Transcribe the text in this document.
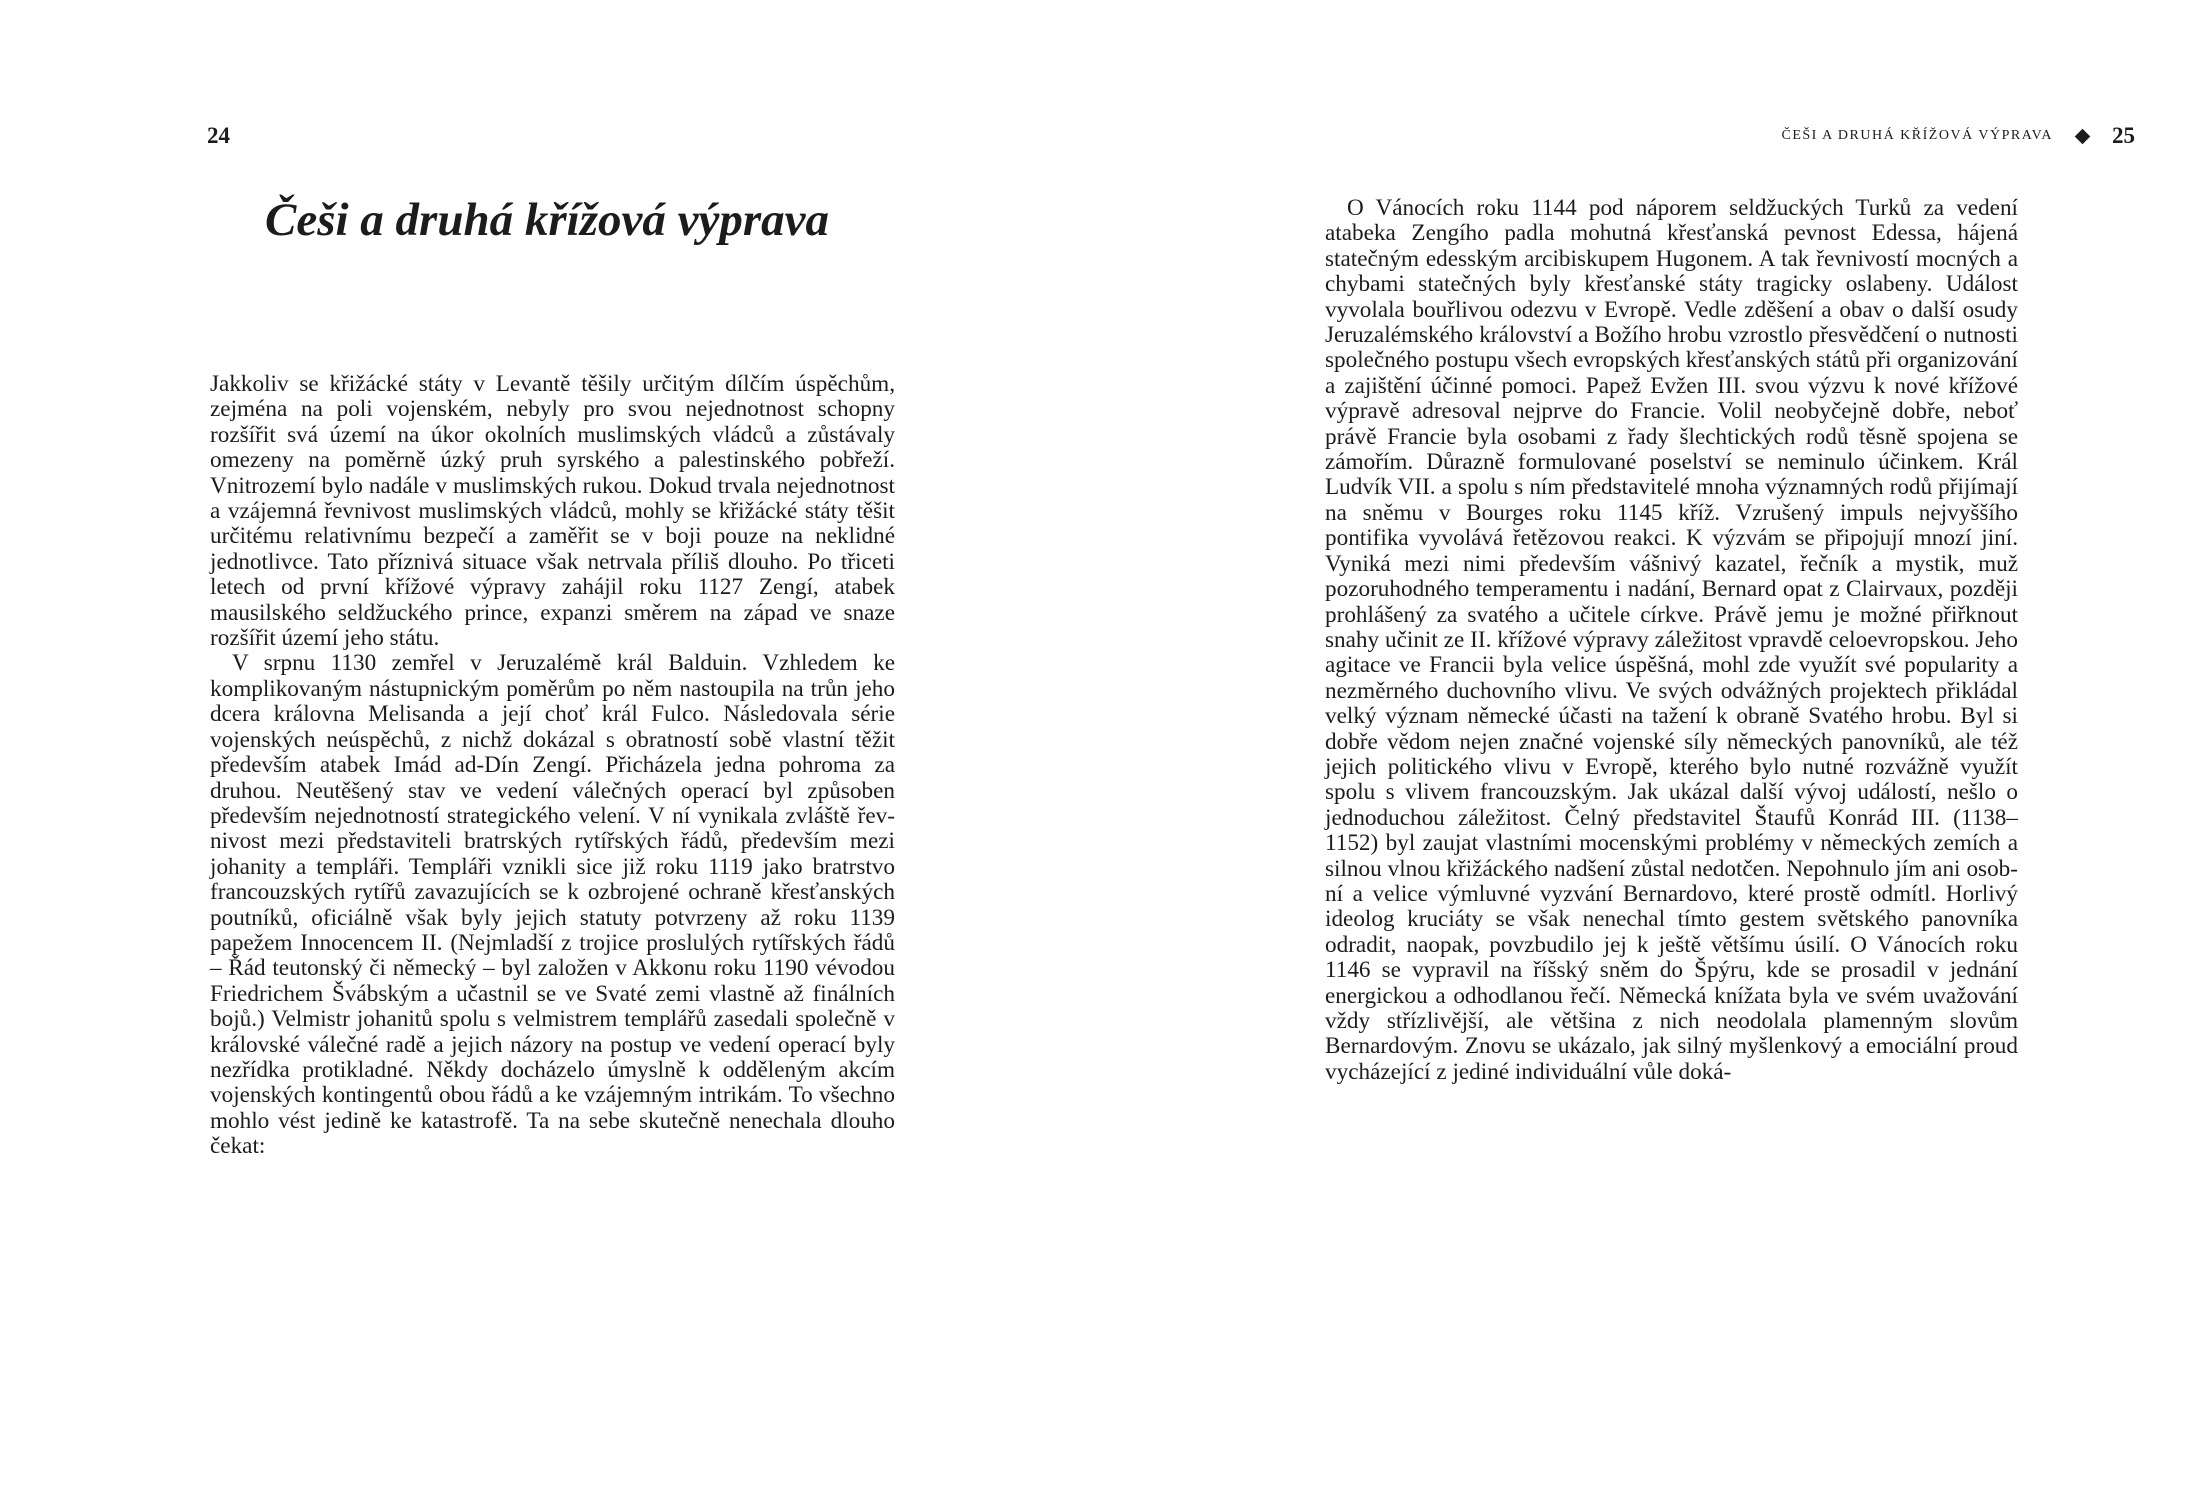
24
Češi a druhá křížová výprava

Jakkoliv se křižácké státy v Levantě těšily určitým dílčím úspěchům, zejména na poli vojenském, nebyly pro svou nejednotnost schopny rozšířit svá území na úkor okolních muslimských vládců a zůstávaly omezeny na poměrně úzký pruh syrského a palestinského pobřeží. Vnitrozemí bylo nadále v muslimských rukou. Dokud trvala nejednotnost a vzájemná řevnivost muslimských vládců, mohly se křižácké státy těšit určitému relativnímu bezpečí a zaměřit se v boji pouze na neklidné jednotlivce. Tato příznivá situace však netrvala příliš dlouho. Po třiceti letech od první křížové výpravy zahájil roku 1127 Zengí, atabek mausilského seldžuckého prince, expanzi směrem na západ ve snaze rozšířit území jeho státu.

V srpnu 1130 zemřel v Jeruzalémě král Balduin. Vzhledem ke komplikovaným nástupnickým poměrům po něm nastoupila na trůn jeho dcera královna Melisanda a její choť král Fulco. Následovala série vojenských neúspěchů, z nichž dokázal s obratností sobě vlastní těžit především atabek Imád ad-Dín Zengí. Přicházela jedna pohroma za druhou. Neutěšený stav ve vedení válečných operací byl způsoben především nejednotností strategického velení. V ní vynikala zvláště řevnivost mezi představiteli bratrských rytířských řádů, především mezi johanity a templáři. Templáři vznikli sice již roku 1119 jako bratrstvo francouzských rytířů zavazujících se k ozbrojené ochraně křesťanských poutníků, oficiálně však byly jejich statuty potvrzeny až roku 1139 papežem Innocencem II. (Nejmladší z trojice proslulých rytířských řádů – Řád teutonský či německý – byl založen v Akkonu roku 1190 vévodou Friedrichem Švábským a učastnil se ve Svaté zemi vlastně až finálních bojů.) Velmistr johanitů spolu s velmistrem templářů zasedali společně v královské válečné radě a jejich názory na postup ve vedení operací byly nezřídka protikladné. Někdy docházelo úmyslně k odděleným akcím vojenských kontingentů obou řádů a ke vzájemným intrikám. To všechno mohlo vést jedině ke katastrofě. Ta na sebe skutečně nenechala dlouho čekat:

ČEŠI A DRUHÁ KŘÍŽOVÁ VÝPRAVA	25

O Vánocích roku 1144 pod náporem seldžuckých Turků za vedení atabeka Zengího padla mohutná křesťanská pevnost Edessa, hájená statečným edesským arcibiskupem Hugonem. A tak řevnivostí mocných a chybami statečných byly křesťanské státy tragicky oslabeny. Událost vyvolala bouřlivou odezvu v Evropě. Vedle zděšení a obav o další osudy Jeruzalémského království a Božího hrobu vzrostlo přesvědčení o nutnosti společného postupu všech evropských křesťanských států při organizování a zajištění účinné pomoci. Papež Evžen III. svou výzvu k nové křížové výpravě adresoval nejprve do Francie. Volil neobyčejně dobře, neboť právě Francie byla osobami z řady šlechtických rodů těsně spojena se zámořím. Důrazně formulované poselství se neminulo účinkem. Král Ludvík VII. a spolu s ním představitelé mnoha významných rodů přijímají na sněmu v Bourges roku 1145 kříž. Vzrušený impuls nejvyššího pontifika vyvolává řetězovou reakci. K výzvám se připojují mnozí jiní. Vyniká mezi nimi především vášnivý kazatel, řečník a mystik, muž pozoruhodného temperamentu i nadání, Bernard opat z Clairvaux, později prohlášený za svatého a učitele církve. Právě jemu je možné přiřknout snahy učinit ze II. křížové výpravy záležitost vpravdě celoevropskou. Jeho agitace ve Francii byla velice úspěšná, mohl zde využít své popularity a nezměrného duchovního vlivu. Ve svých odvážných projektech přikládal velký význam německé účasti na tažení k obraně Svatého hrobu. Byl si dobře vědom nejen značné vojenské síly německých panovníků, ale též jejich politického vlivu v Evropě, kterého bylo nutné rozvážně využít spolu s vlivem francouzským. Jak ukázal další vývoj událostí, nešlo o jednoduchou záležitost. Čelný představitel Štaufů Konrád III. (1138–1152) byl zaujat vlastními mocenskými problémy v německých zemích a silnou vlnou křižáckého nadšení zůstal nedotčen. Nepohnulo jím ani osobní a velice výmluvné vyzvání Bernardovo, které prostě odmítl. Horlivý ideolog kruciáty se však nenechal tímto gestem světského panovníka odradit, naopak, povzbudilo jej k ještě většímu úsilí. O Vánocích roku 1146 se vypravil na říšský sněm do Špýru, kde se prosadil v jednání energickou a odhodlanou řečí. Německá knížata byla ve svém uvažování vždy střízlivější, ale většina z nich neodolala plamenným slovům Bernardovým. Znovu se ukázalo, jak silný myšlenkový a emociální proud vycházející z jediné individuální vůle doká-
